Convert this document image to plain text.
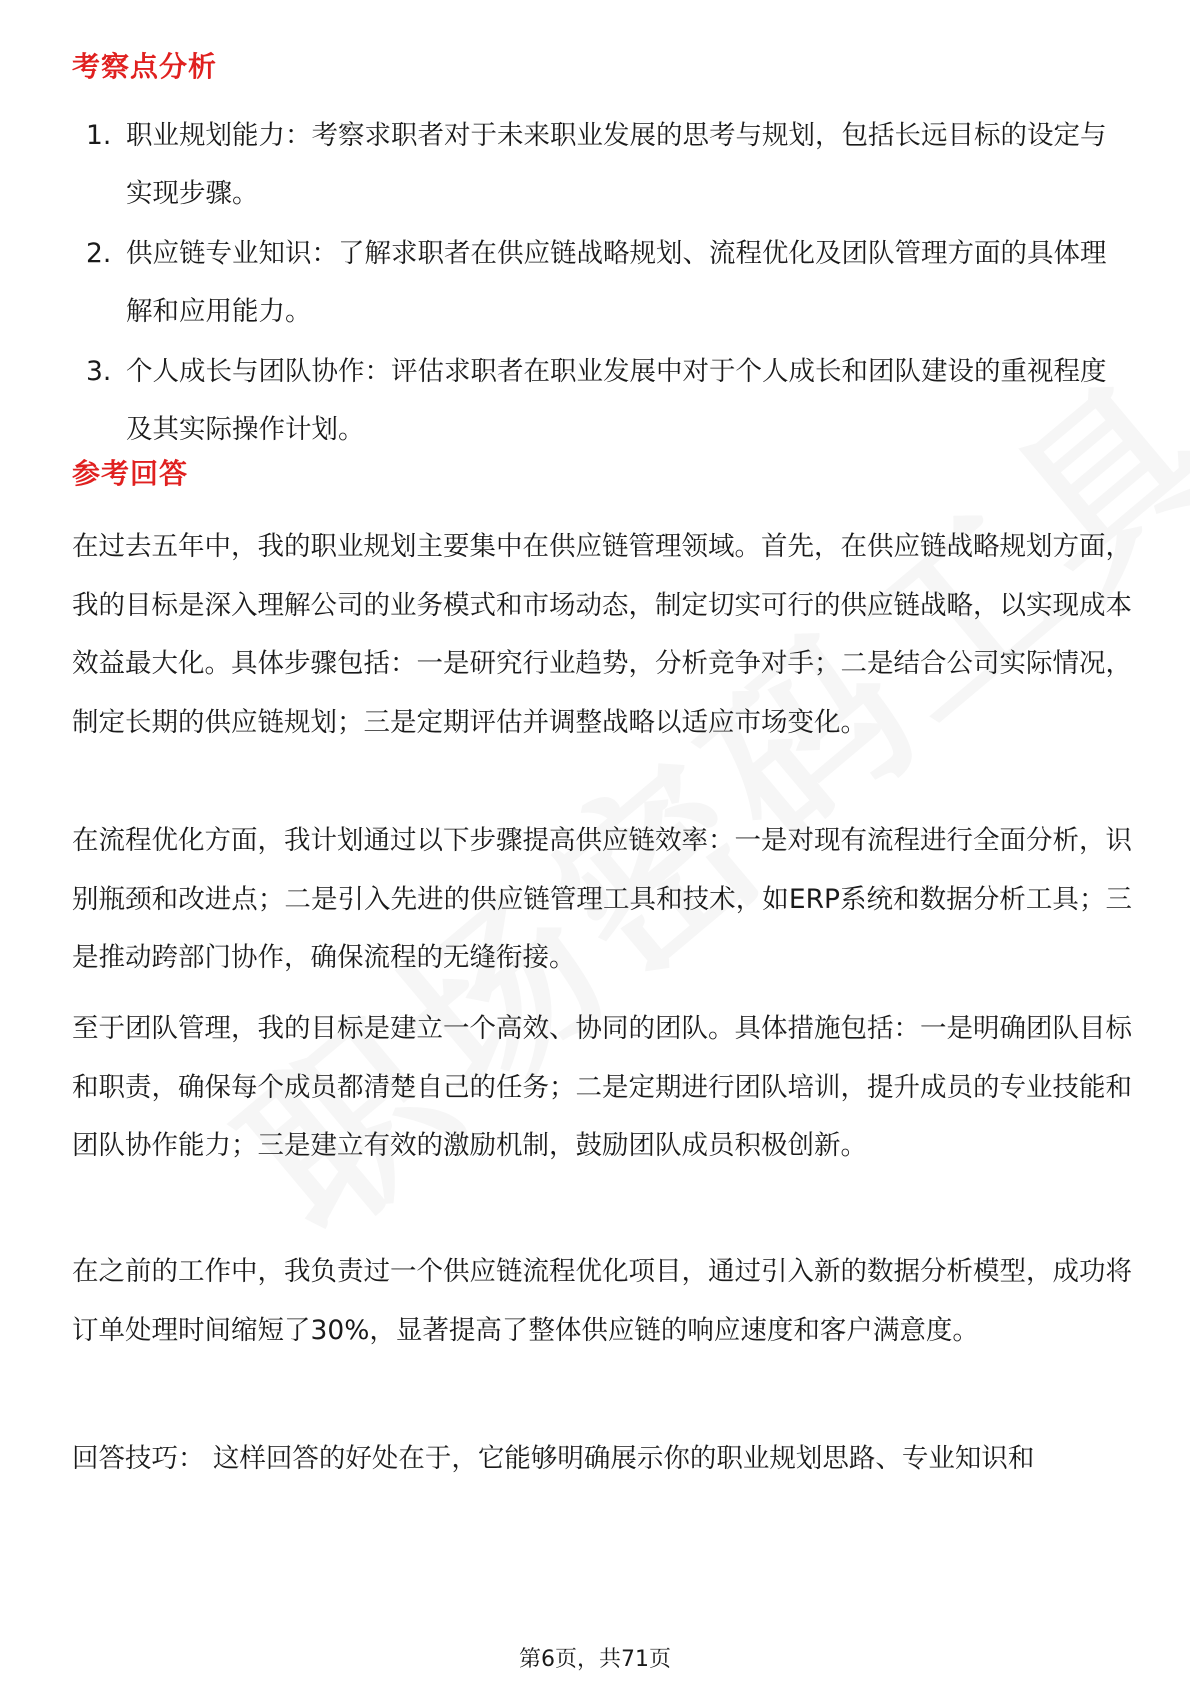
考察点分析
1. 职业规划能力：考察求职者对于未来职业发展的思考与规划，包括长远目标的设定与实现步骤。
2. 供应链专业知识：了解求职者在供应链战略规划、流程优化及团队管理方面的具体理解和应用能力。
3. 个人成长与团队协作：评估求职者在职业发展中对于个人成长和团队建设的重视程度及其实际操作计划。
参考回答

在过去五年中，我的职业规划主要集中在供应链管理领域。首先，在供应链战略规划方面，我的目标是深入理解公司的业务模式和市场动态，制定切实可行的供应链战略，以实现成本效益最大化。具体步骤包括：一是研究行业趋势，分析竞争对手；二是结合公司实际情况，制定长期的供应链规划；三是定期评估并调整战略以适应市场变化。

在流程优化方面，我计划通过以下步骤提高供应链效率：一是对现有流程进行全面分析，识别瓶颈和改进点；二是引入先进的供应链管理工具和技术，如ERP系统和数据分析工具；三是推动跨部门协作，确保流程的无缝衔接。

至于团队管理，我的目标是建立一个高效、协同的团队。具体措施包括：一是明确团队目标和职责，确保每个成员都清楚自己的任务；二是定期进行团队培训，提升成员的专业技能和团队协作能力；三是建立有效的激励机制，鼓励团队成员积极创新。

在之前的工作中，我负责过一个供应链流程优化项目，通过引入新的数据分析模型，成功将订单处理时间缩短了30%，显著提高了整体供应链的响应速度和客户满意度。

回答技巧： 这样回答的好处在于，它能够明确展示你的职业规划思路、专业知识和

第6页，共71页
